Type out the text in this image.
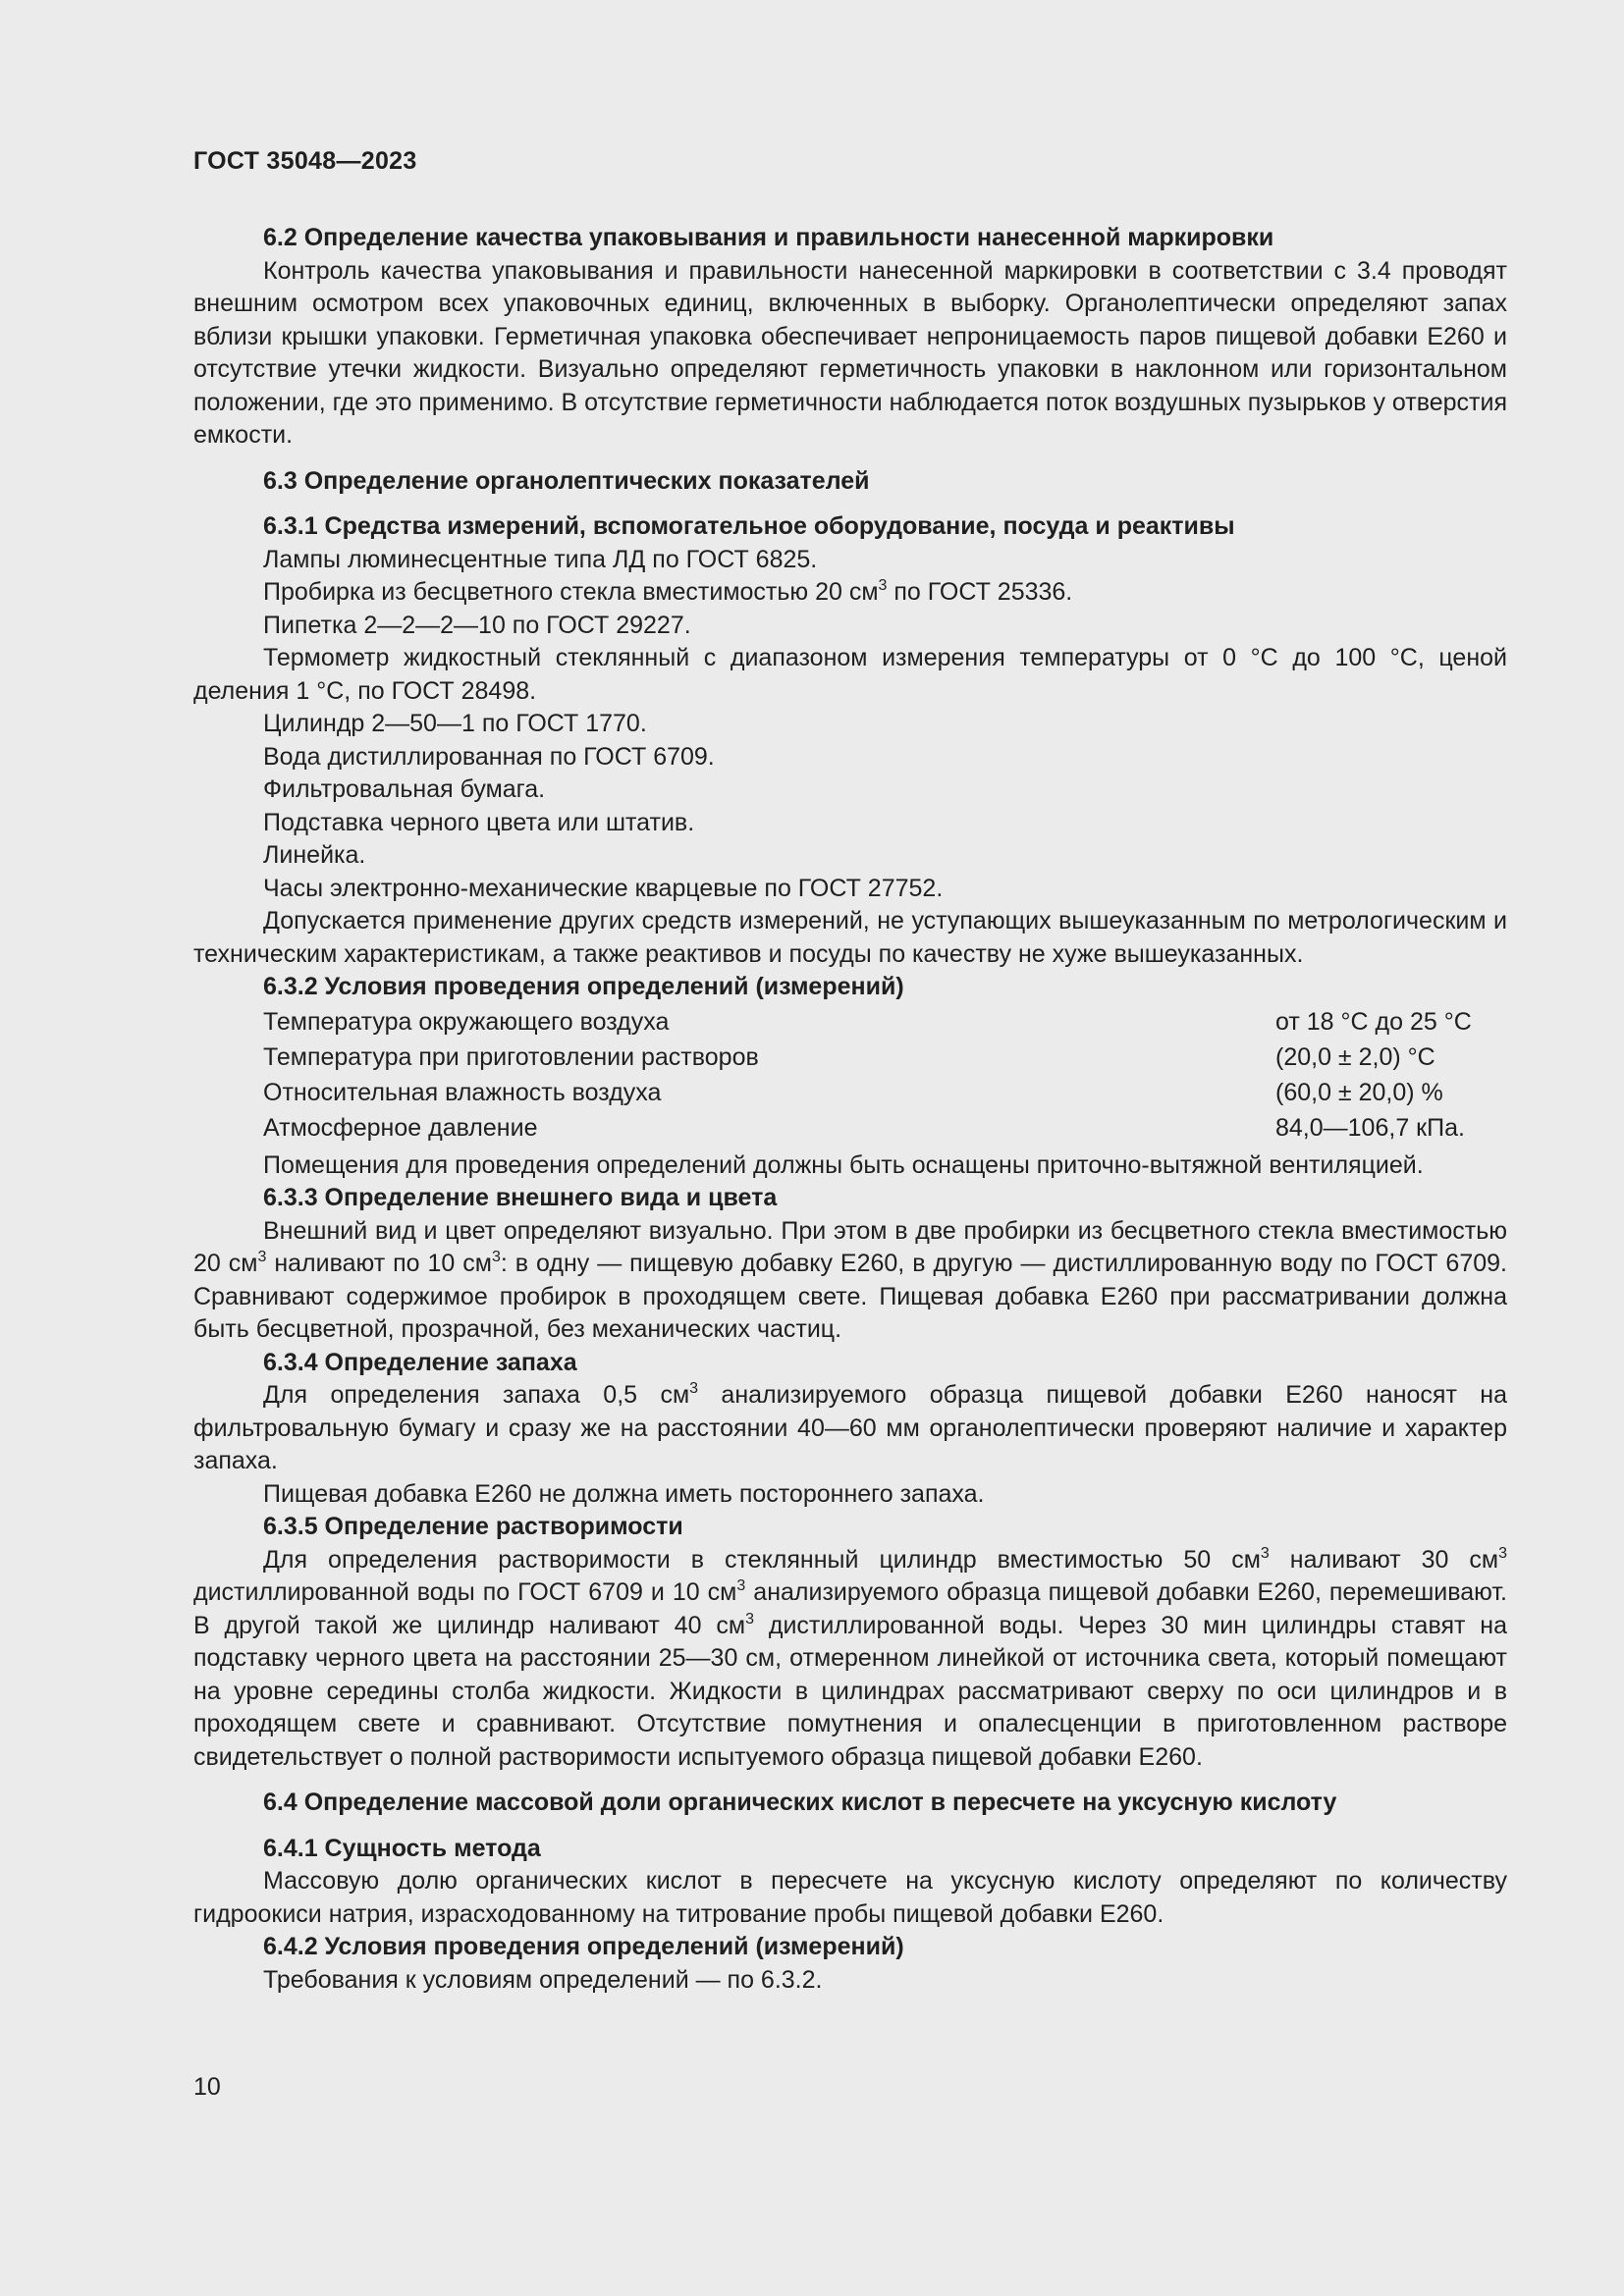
ГОСТ 35048—2023

6.2 Определение качества упаковывания и правильности нанесенной маркировки

Контроль качества упаковывания и правильности нанесенной маркировки в соответствии с 3.4 проводят внешним осмотром всех упаковочных единиц, включенных в выборку. Органолептически определяют запах вблизи крышки упаковки. Герметичная упаковка обеспечивает непроницаемость паров пищевой добавки Е260 и отсутствие утечки жидкости. Визуально определяют герметичность упаковки в наклонном или горизонтальном положении, где это применимо. В отсутствие герметичности наблюдается поток воздушных пузырьков у отверстия емкости.

6.3 Определение органолептических показателей

6.3.1 Средства измерений, вспомогательное оборудование, посуда и реактивы

Лампы люминесцентные типа ЛД по ГОСТ 6825.

Пробирка из бесцветного стекла вместимостью 20 $см^3$ по ГОСТ 25336.

Пипетка 2—2—2—10 по ГОСТ 29227.

Термометр жидкостный стеклянный с диапазоном измерения температуры от 0 °С до 100 °С, ценой деления 1 °С, по ГОСТ 28498.

Цилиндр 2—50—1 по ГОСТ 1770.

Вода дистиллированная по ГОСТ 6709.

Фильтровальная бумага.

Подставка черного цвета или штатив.

Линейка.

Часы электронно-механические кварцевые по ГОСТ 27752.

Допускается применение других средств измерений, не уступающих вышеуказанным по метрологическим и техническим характеристикам, а также реактивов и посуды по качеству не хуже вышеуказанных.

6.3.2 Условия проведения определений (измерений)

Температура окружающего воздуха	от 18 °С до 25 °С
Температура при приготовлении растворов	(20,0 ± 2,0) °С
Относительная влажность воздуха	(60,0 ± 20,0) %
Атмосферное давление	84,0—106,7 кПа.

Помещения для проведения определений должны быть оснащены приточно-вытяжной вентиляцией.

6.3.3 Определение внешнего вида и цвета

Внешний вид и цвет определяют визуально. При этом в две пробирки из бесцветного стекла вместимостью 20 $см^3$ наливают по 10 $см^3$: в одну — пищевую добавку Е260, в другую — дистиллированную воду по ГОСТ 6709. Сравнивают содержимое пробирок в проходящем свете. Пищевая добавка Е260 при рассматривании должна быть бесцветной, прозрачной, без механических частиц.

6.3.4 Определение запаха

Для определения запаха 0,5 $см^3$ анализируемого образца пищевой добавки Е260 наносят на фильтровальную бумагу и сразу же на расстоянии 40—60 мм органолептически проверяют наличие и характер запаха.

Пищевая добавка Е260 не должна иметь постороннего запаха.

6.3.5 Определение растворимости

Для определения растворимости в стеклянный цилиндр вместимостью 50 $см^3$ наливают 30 $см^3$ дистиллированной воды по ГОСТ 6709 и 10 $см^3$ анализируемого образца пищевой добавки Е260, перемешивают. В другой такой же цилиндр наливают 40 $см^3$ дистиллированной воды. Через 30 мин цилиндры ставят на подставку черного цвета на расстоянии 25—30 см, отмеренном линейкой от источника света, который помещают на уровне середины столба жидкости. Жидкости в цилиндрах рассматривают сверху по оси цилиндров и в проходящем свете и сравнивают. Отсутствие помутнения и опалесценции в приготовленном растворе свидетельствует о полной растворимости испытуемого образца пищевой добавки Е260.

6.4 Определение массовой доли органических кислот в пересчете на уксусную кислоту

6.4.1 Сущность метода

Массовую долю органических кислот в пересчете на уксусную кислоту определяют по количеству гидроокиси натрия, израсходованному на титрование пробы пищевой добавки Е260.

6.4.2 Условия проведения определений (измерений)

Требования к условиям определений — по 6.3.2.

10
